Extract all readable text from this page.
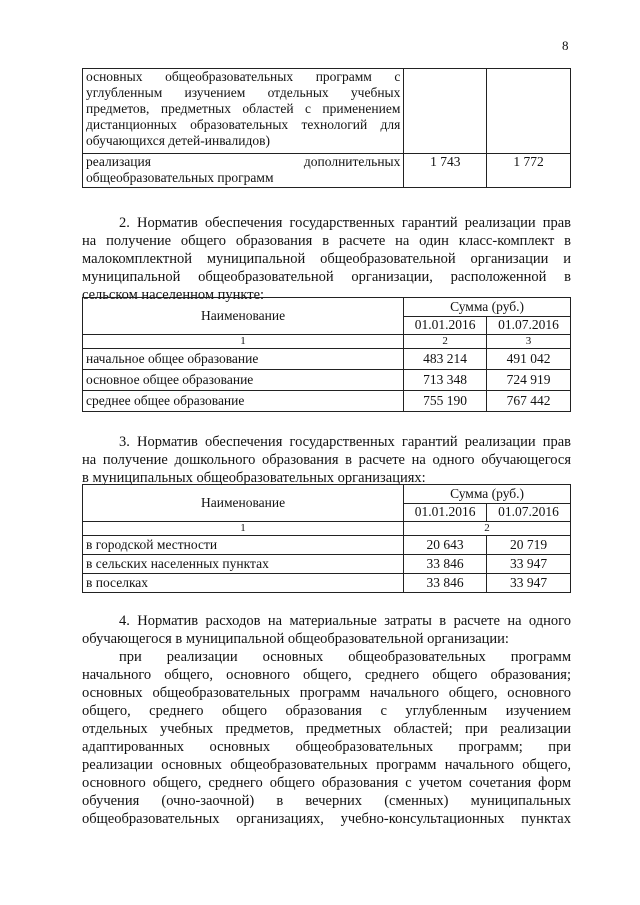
8
основных общеобразовательных программ с
углубленным изучением отдельных учебных
предметов, предметных областей с применением
дистанционных образовательных технологий для
обучающихся детей-инвалидов)		

реализация дополнительных
общеобразовательных программ	1 743	1 772
2. Норматив обеспечения государственных гарантий реализации прав
на получение общего образования в расчете на один класс-комплект в
малокомплектной муниципальной общеобразовательной организации и
муниципальной общеобразовательной организации, расположенной в
сельском населенном пункте:
Наименование	Сумма (руб.)	
	01.01.2016	01.07.2016
1	2	3
начальное общее образование	483 214	491 042
основное общее образование	713 348	724 919
среднее общее образование	755 190	767 442
3. Норматив обеспечения государственных гарантий реализации прав
на получение дошкольного образования в расчете на одного обучающегося
в муниципальных общеобразовательных организациях:
Наименование	Сумма (руб.)	
	01.01.2016	01.07.2016
1	2	
в городской местности	20 643	20 719
в сельских населенных пунктах	33 846	33 947
в поселках	33 846	33 947
4. Норматив расходов на материальные затраты в расчете на одного
обучающегося в муниципальной общеобразовательной организации:
при реализации основных общеобразовательных программ
начального общего, основного общего, среднего общего образования;
основных общеобразовательных программ начального общего, основного
общего, среднего общего образования с углубленным изучением
отдельных учебных предметов, предметных областей; при реализации
адаптированных основных общеобразовательных программ; при
реализации основных общеобразовательных программ начального общего,
основного общего, среднего общего образования с учетом сочетания форм
обучения (очно-заочной) в вечерних (сменных) муниципальных
общеобразовательных организациях, учебно-консультационных пунктах
